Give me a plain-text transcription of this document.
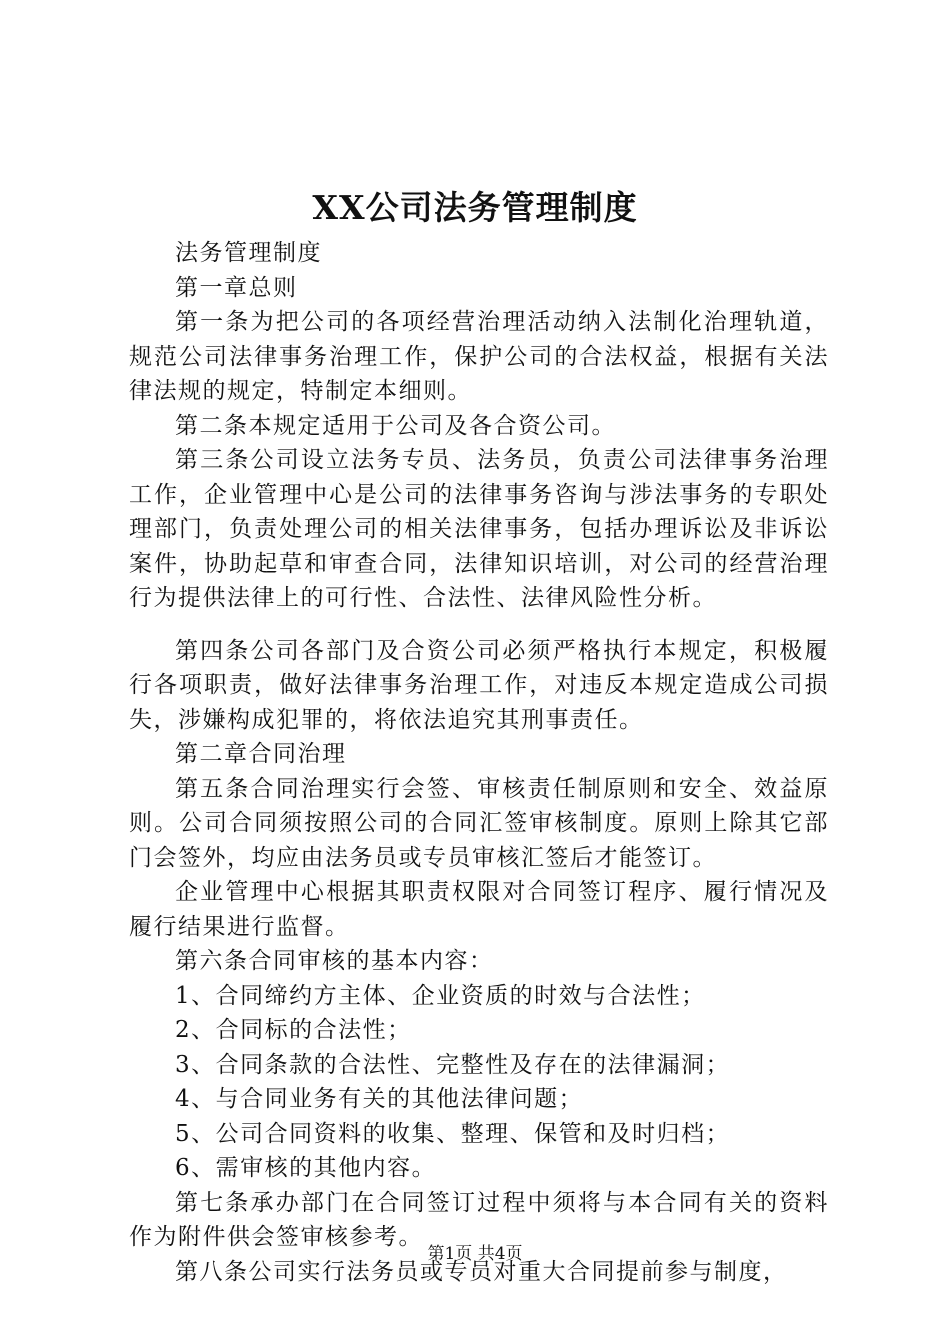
XX公司法务管理制度

法务管理制度

第一章总则

第一条为把公司的各项经营治理活动纳入法制化治理轨道，规范公司法律事务治理工作，保护公司的合法权益，根据有关法律法规的规定，特制定本细则。

第二条本规定适用于公司及各合资公司。

第三条公司设立法务专员、法务员，负责公司法律事务治理工作，企业管理中心是公司的法律事务咨询与涉法事务的专职处理部门，负责处理公司的相关法律事务，包括办理诉讼及非诉讼案件，协助起草和审查合同，法律知识培训，对公司的经营治理行为提供法律上的可行性、合法性、法律风险性分析。

第四条公司各部门及合资公司必须严格执行本规定，积极履行各项职责，做好法律事务治理工作，对违反本规定造成公司损失，涉嫌构成犯罪的，将依法追究其刑事责任。

第二章合同治理

第五条合同治理实行会签、审核责任制原则和安全、效益原则。公司合同须按照公司的合同汇签审核制度。原则上除其它部门会签外，均应由法务员或专员审核汇签后才能签订。

企业管理中心根据其职责权限对合同签订程序、履行情况及履行结果进行监督。

第六条合同审核的基本内容：

1、合同缔约方主体、企业资质的时效与合法性；

2、合同标的合法性；

3、合同条款的合法性、完整性及存在的法律漏洞；

4、与合同业务有关的其他法律问题；

5、公司合同资料的收集、整理、保管和及时归档；

6、需审核的其他内容。

第七条承办部门在合同签订过程中须将与本合同有关的资料作为附件供会签审核参考。

第八条公司实行法务员或专员对重大合同提前参与制度，

第1页 共4页
